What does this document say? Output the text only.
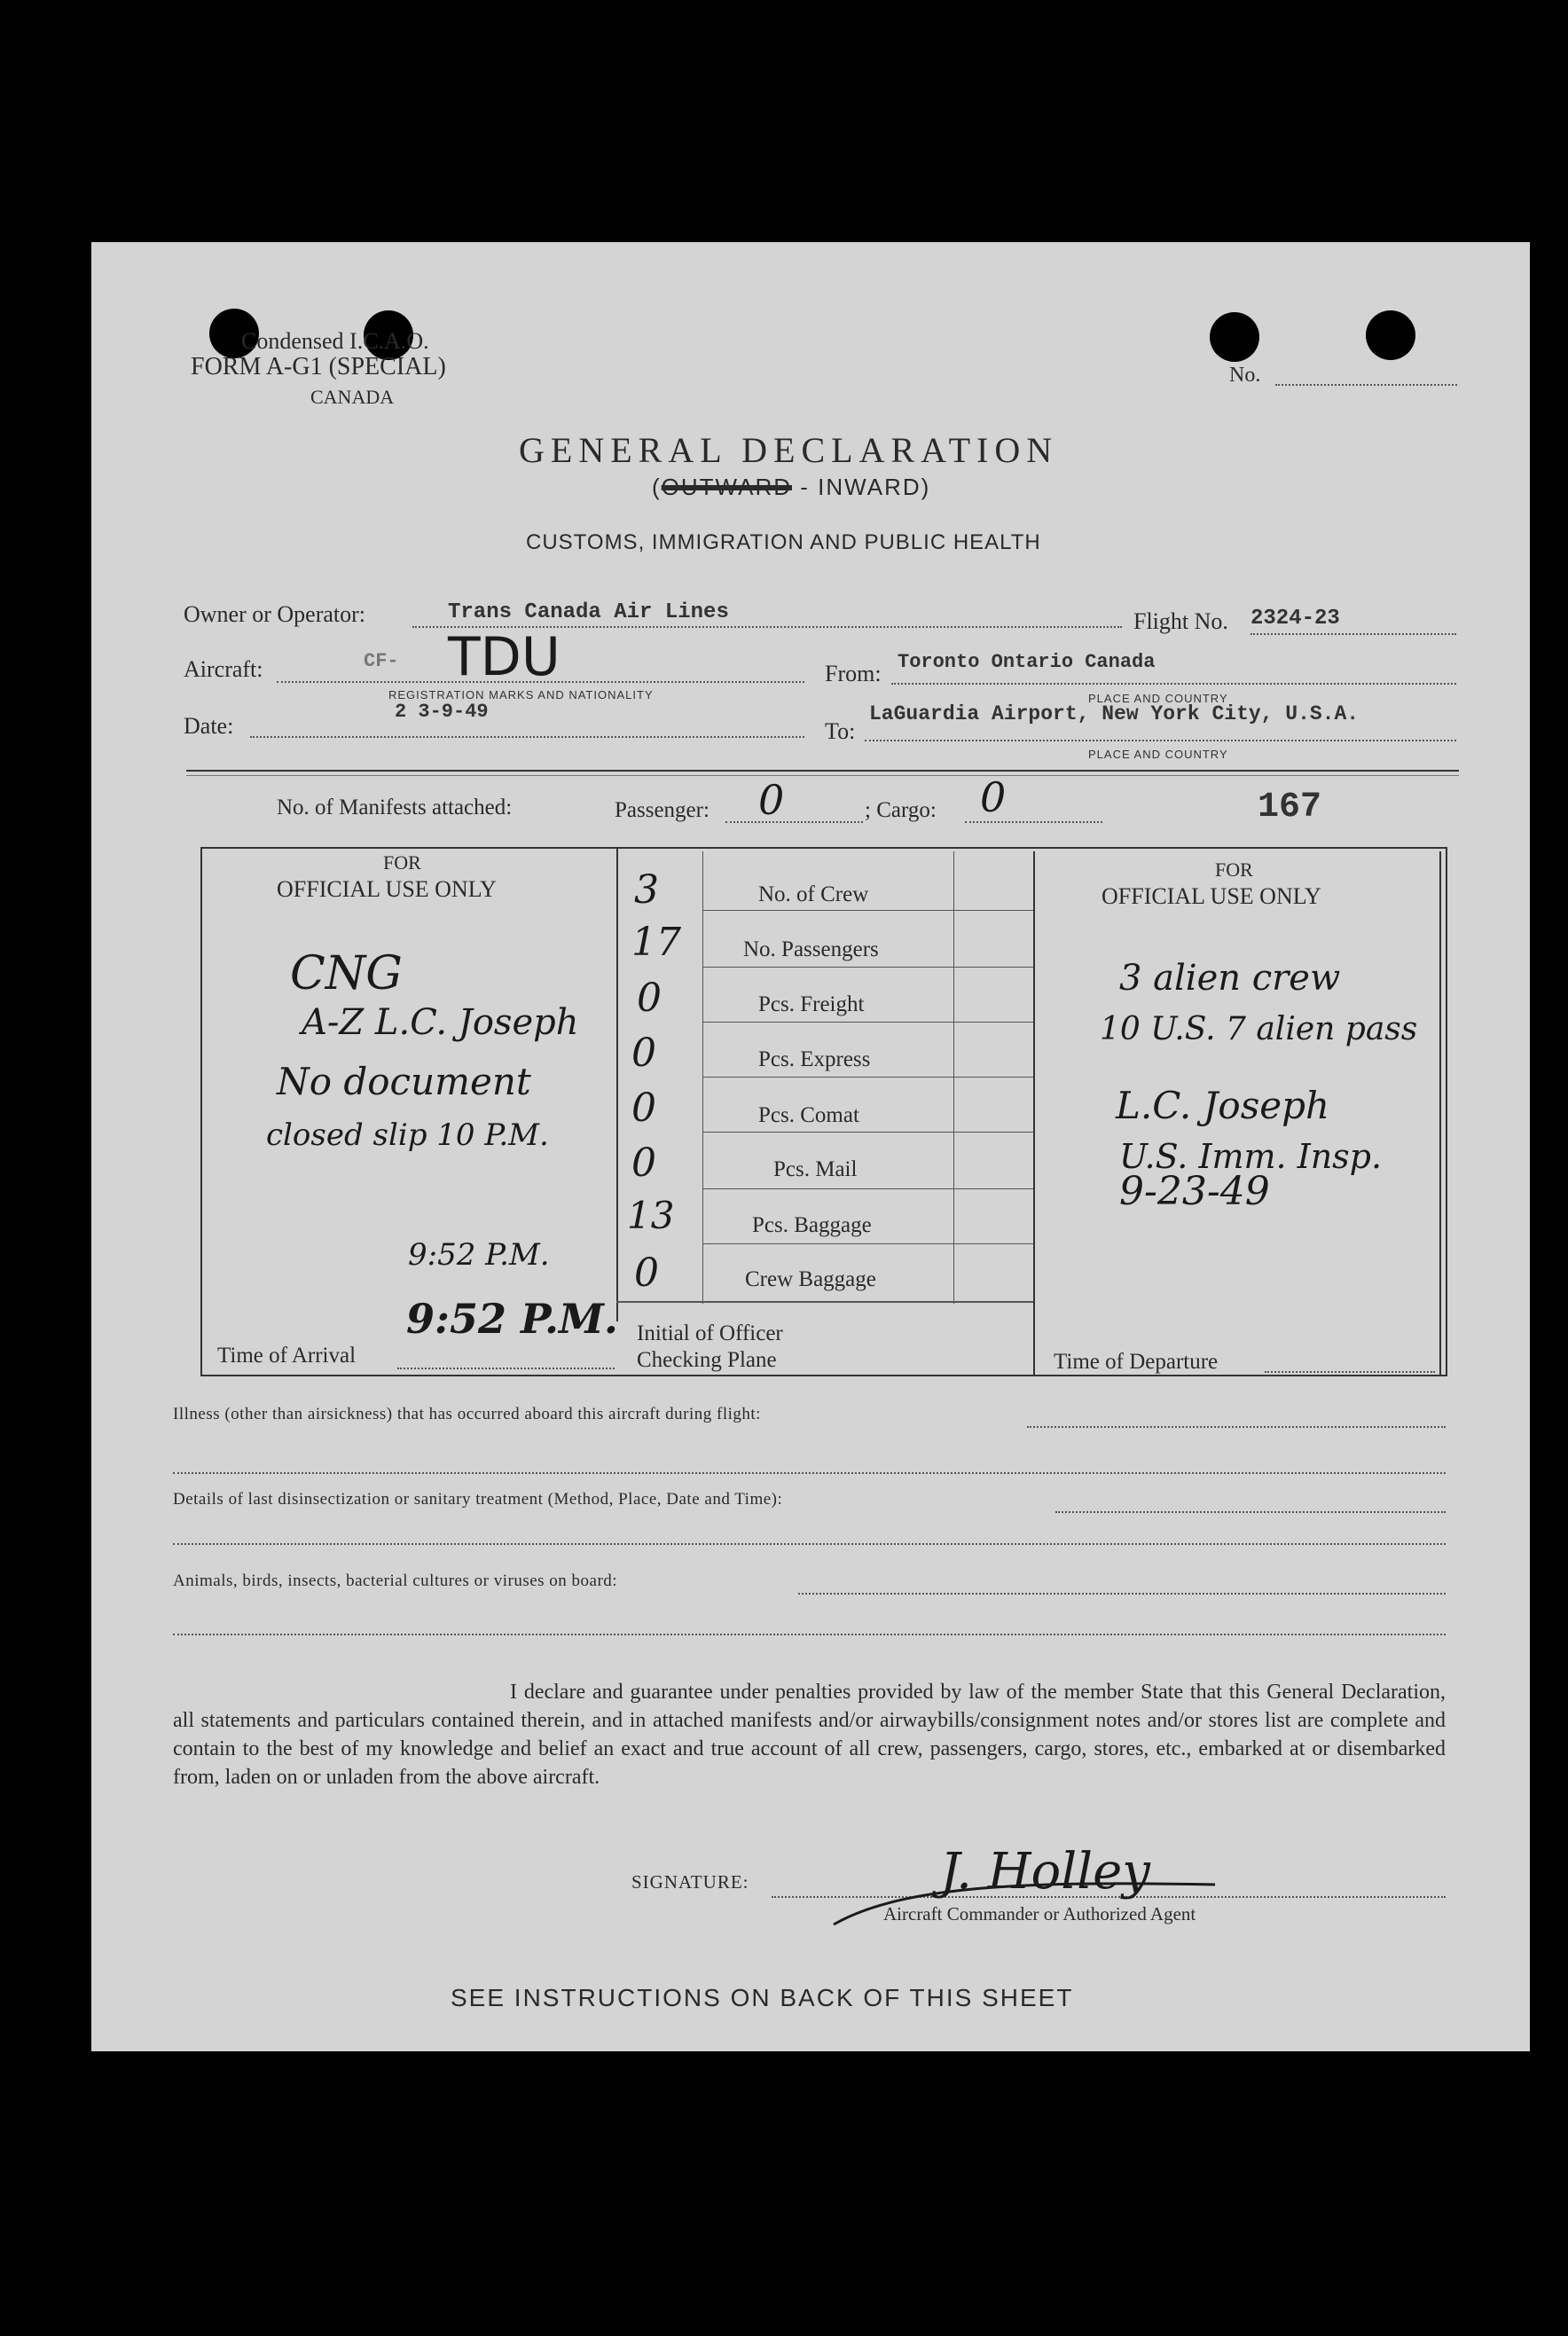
Condensed I.C.A.O.
FORM A-G1 (SPECIAL)
CANADA
No.
GENERAL DECLARATION
(OUTWARD - INWARD)
CUSTOMS, IMMIGRATION AND PUBLIC HEALTH
Owner or Operator:	Trans Canada Air Lines	Flight No. 2324-23
Aircraft:	CF- TDU
REGISTRATION MARKS AND NATIONALITY
From: Toronto Ontario Canada
PLACE AND COUNTRY
Date:
2 3-9-49
To:
LaGuardia Airport, New York City, U.S.A.
PLACE AND COUNTRY
No. of Manifests attached:	Passenger: 0	; Cargo: 0	167
FOR
OFFICIAL USE ONLY
FOR
OFFICIAL USE ONLY
3	No. of Crew
17	No. Passengers
0	Pcs. Freight
0	Pcs. Express
0	Pcs. Comat
0	Pcs. Mail
13	Pcs. Baggage
0	Crew Baggage
CNG
A-Z L.C. Joseph
No document
closed slip 10 P.M.
3 alien crew
10 U.S. 7 alien pass
L.C. Joseph
U.S. Imm. Insp.
9-23-49
9:52 P.M.
Time of Arrival
9:52 P.M. Initial of Officer
Checking Plane	Time of Departure
Illness (other than airsickness) that has occurred aboard this aircraft during flight:
Details of last disinsectization or sanitary treatment (Method, Place, Date and Time):
Animals, birds, insects, bacterial cultures or viruses on board:
I declare and guarantee under penalties provided by law of the member State that this General Declaration, all statements and particulars contained therein, and in attached manifests and/or airwaybills/consignment notes and/or stores list are complete and contain to the best of my knowledge and belief an exact and true account of all crew, passengers, cargo, stores, etc., embarked at or disembarked from, laden on or unladen from the above aircraft.
SIGNATURE:	J. Holley
Aircraft Commander or Authorized Agent
SEE INSTRUCTIONS ON BACK OF THIS SHEET
